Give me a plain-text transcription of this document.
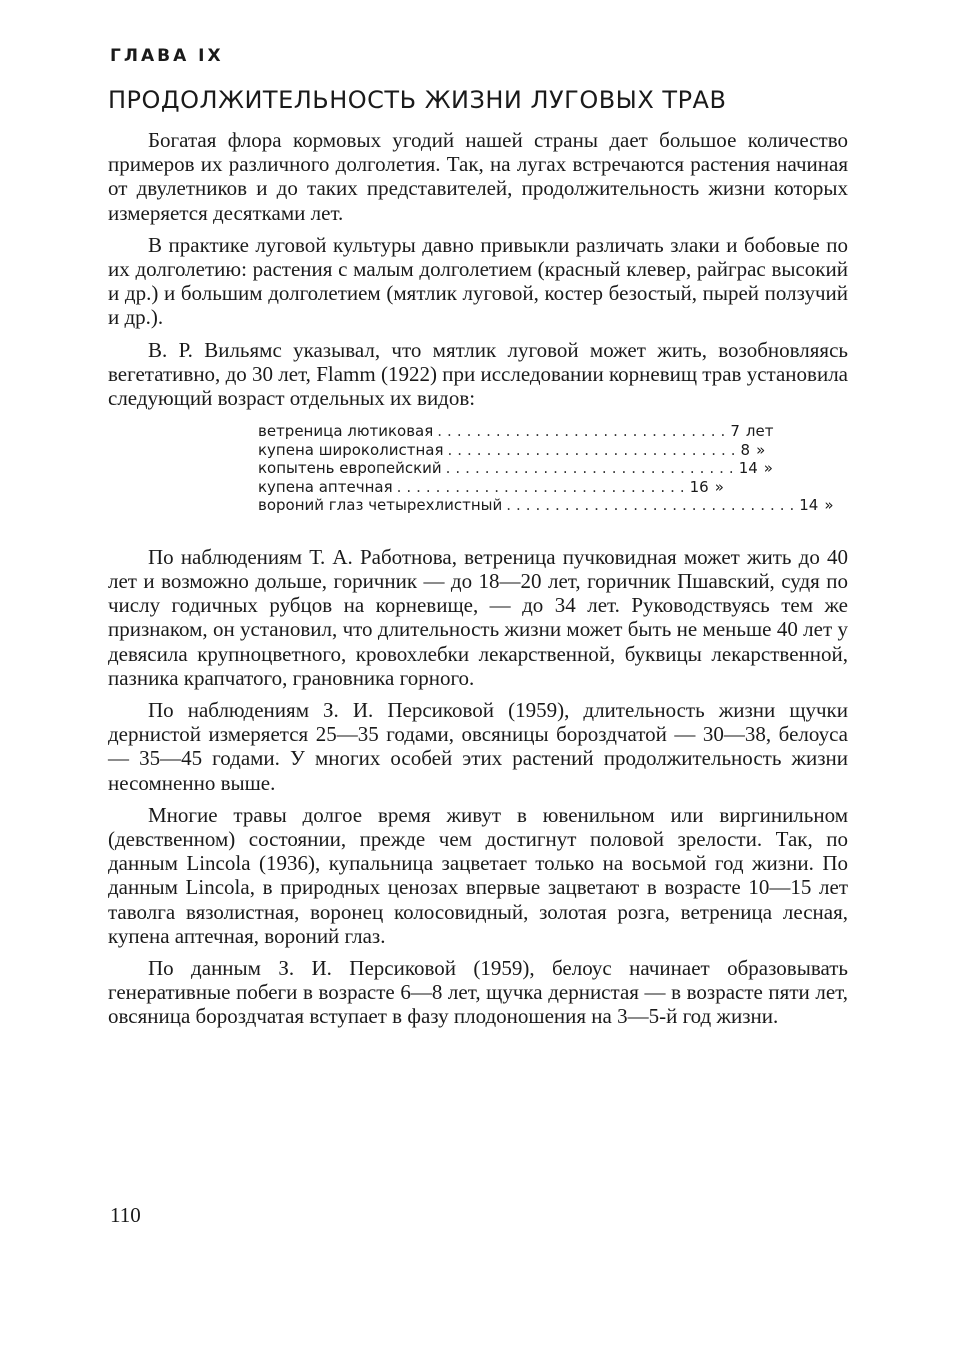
ГЛАВА IX
ПРОДОЛЖИТЕЛЬНОСТЬ ЖИЗНИ ЛУГОВЫХ ТРАВ

Богатая флора кормовых угодий нашей страны дает большое количество примеров их различного долголетия. Так, на лугах встречаются растения начиная от двулетников и до таких представителей, продолжительность жизни которых измеряется десятками лет.

В практике луговой культуры давно привыкли различать злаки и бобовые по их долголетию: растения с малым долголетием (красный клевер, райграс высокий и др.) и большим долголетием (мятлик луговой, костер безостый, пырей ползучий и др.).

В. Р. Вильямс указывал, что мятлик луговой может жить, возобновляясь вегетативно, до 30 лет, Flamm (1922) при исследовании корневищ трав установила следующий возраст отдельных их видов:

ветреница лютиковая .............................. 7 лет
купена широколистная .............................. 8 »
копытень европейский .............................. 14 »
купена аптечная .............................. 16 »
вороний глаз четырехлистный .............................. 14 »

По наблюдениям Т. А. Работнова, ветреница пучковидная может жить до 40 лет и возможно дольше, горичник — до 18—20 лет, горичник Пшавский, судя по числу годичных рубцов на корневище, — до 34 лет. Руководствуясь тем же признаком, он установил, что длительность жизни может быть не меньше 40 лет у девясила крупноцветного, кровохлебки лекарственной, буквицы лекарственной, пазника крапчатого, грановника горного.

По наблюдениям З. И. Персиковой (1959), длительность жизни щучки дернистой измеряется 25—35 годами, овсяницы бороздчатой — 30—38, белоуса — 35—45 годами. У многих особей этих растений продолжительность жизни несомненно выше.

Многие травы долгое время живут в ювенильном или виргинильном (девственном) состоянии, прежде чем достигнут половой зрелости. Так, по данным Lincola (1936), купальница зацветает только на восьмой год жизни. По данным Lincola, в природных ценозах впервые зацветают в возрасте 10—15 лет таволга вязолистная, воронец колосовидный, золотая розга, ветреница лесная, купена аптечная, вороний глаз.

По данным З. И. Персиковой (1959), белоус начинает образовывать генеративные побеги в возрасте 6—8 лет, щучка дернистая — в возрасте пяти лет, овсяница бороздчатая вступает в фазу плодоношения на 3—5-й год жизни.

110
